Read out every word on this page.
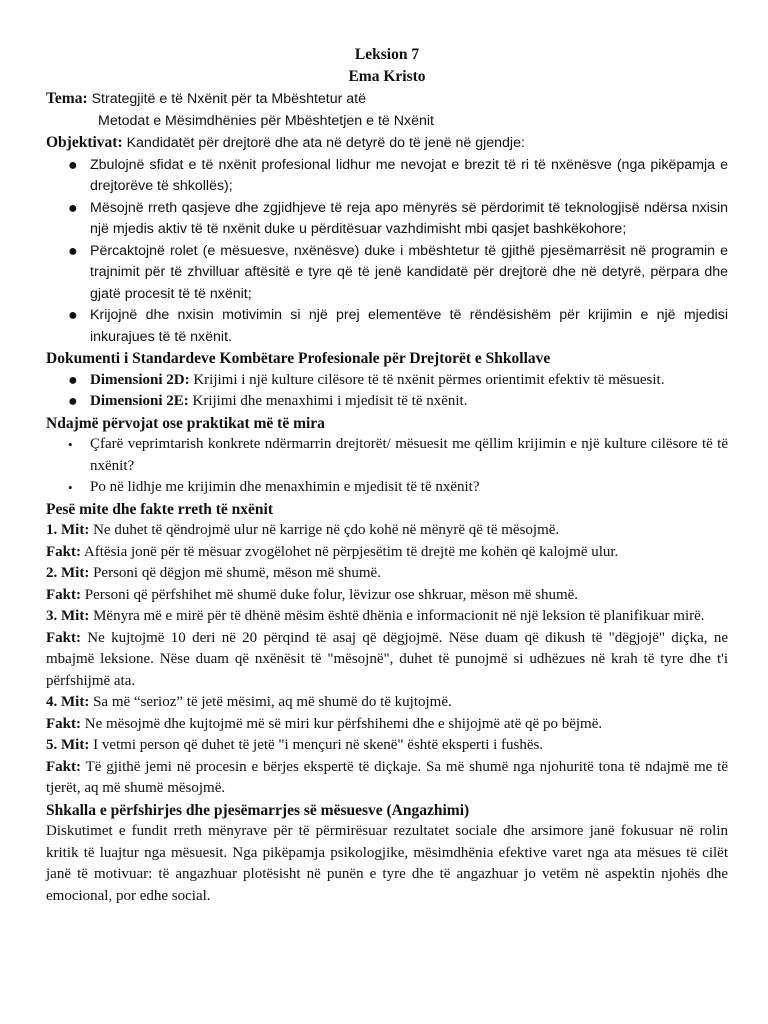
Leksion 7

Ema Kristo

Tema: Strategjitë e të Nxënit për ta Mbështetur atë

Metodat e Mësimdhënies për Mbështetjen e të Nxënit

Objektivat: Kandidatët për drejtorë dhe ata në detyrë do të jenë në gjendje:

● Zbulojnë sfidat e të nxënit profesional lidhur me nevojat e brezit të ri të nxënësve (nga pikëpamja e drejtorëve të shkollës);
● Mësojnë rreth qasjeve dhe zgjidhjeve të reja apo mënyrës së përdorimit të teknologjisë ndërsa nxisin një mjedis aktiv të të nxënit duke u përditësuar vazhdimisht mbi qasjet bashkëkohore;
● Përcaktojnë rolet (e mësuesve, nxënësve) duke i mbështetur të gjithë pjesëmarrësit në programin e trajnimit për të zhvilluar aftësitë e tyre që të jenë kandidatë për drejtorë dhe në detyrë, përpara dhe gjatë procesit të të nxënit;
● Krijojnë dhe nxisin motivimin si një prej elementëve të rëndësishëm për krijimin e një mjedisi inkurajues të të nxënit.

Dokumenti i Standardeve Kombëtare Profesionale për Drejtorët e Shkollave

● Dimensioni 2D: Krijimi i një kulture cilësore të të nxënit përmes orientimit efektiv të mësuesit.
● Dimensioni 2E: Krijimi dhe menaxhimi i mjedisit të të nxënit.

Ndajmë përvojat ose praktikat më të mira

• Çfarë veprimtarish konkrete ndërmarrin drejtorët/ mësuesit me qëllim krijimin e një kulture cilësore të të nxënit?
• Po në lidhje me krijimin dhe menaxhimin e mjedisit të të nxënit?

Pesë mite dhe fakte rreth të nxënit

1. Mit: Ne duhet të qëndrojmë ulur në karrige në çdo kohë në mënyrë që të mësojmë.

Fakt: Aftësia jonë për të mësuar zvogëlohet në përpjesëtim të drejtë me kohën që kalojmë ulur.

2. Mit: Personi që dëgjon më shumë, mëson më shumë.

Fakt: Personi që përfshihet më shumë duke folur, lëvizur ose shkruar, mëson më shumë.

3. Mit: Mënyra më e mirë për të dhënë mësim është dhënia e informacionit në një leksion të planifikuar mirë.

Fakt: Ne kujtojmë 10 deri në 20 përqind të asaj që dëgjojmë. Nëse duam që dikush të "dëgjojë" diçka, ne mbajmë leksione. Nëse duam që nxënësit të "mësojnë", duhet të punojmë si udhëzues në krah të tyre dhe t'i përfshijmë ata.

4. Mit: Sa më “serioz” të jetë mësimi, aq më shumë do të kujtojmë.

Fakt: Ne mësojmë dhe kujtojmë më së miri kur përfshihemi dhe e shijojmë atë që po bëjmë.

5. Mit: I vetmi person që duhet të jetë "i mençuri në skenë" është eksperti i fushës.

Fakt: Të gjithë jemi në procesin e bërjes ekspertë të diçkaje. Sa më shumë nga njohuritë tona të ndajmë me të tjerët, aq më shumë mësojmë.

Shkalla e përfshirjes dhe pjesëmarrjes së mësuesve (Angazhimi)

Diskutimet e fundit rreth mënyrave për të përmirësuar rezultatet sociale dhe arsimore janë fokusuar në rolin kritik të luajtur nga mësuesit. Nga pikëpamja psikologjike, mësimdhënia efektive varet nga ata mësues të cilët janë të motivuar: të angazhuar plotësisht në punën e tyre dhe të angazhuar jo vetëm në aspektin njohës dhe emocional, por edhe social.
